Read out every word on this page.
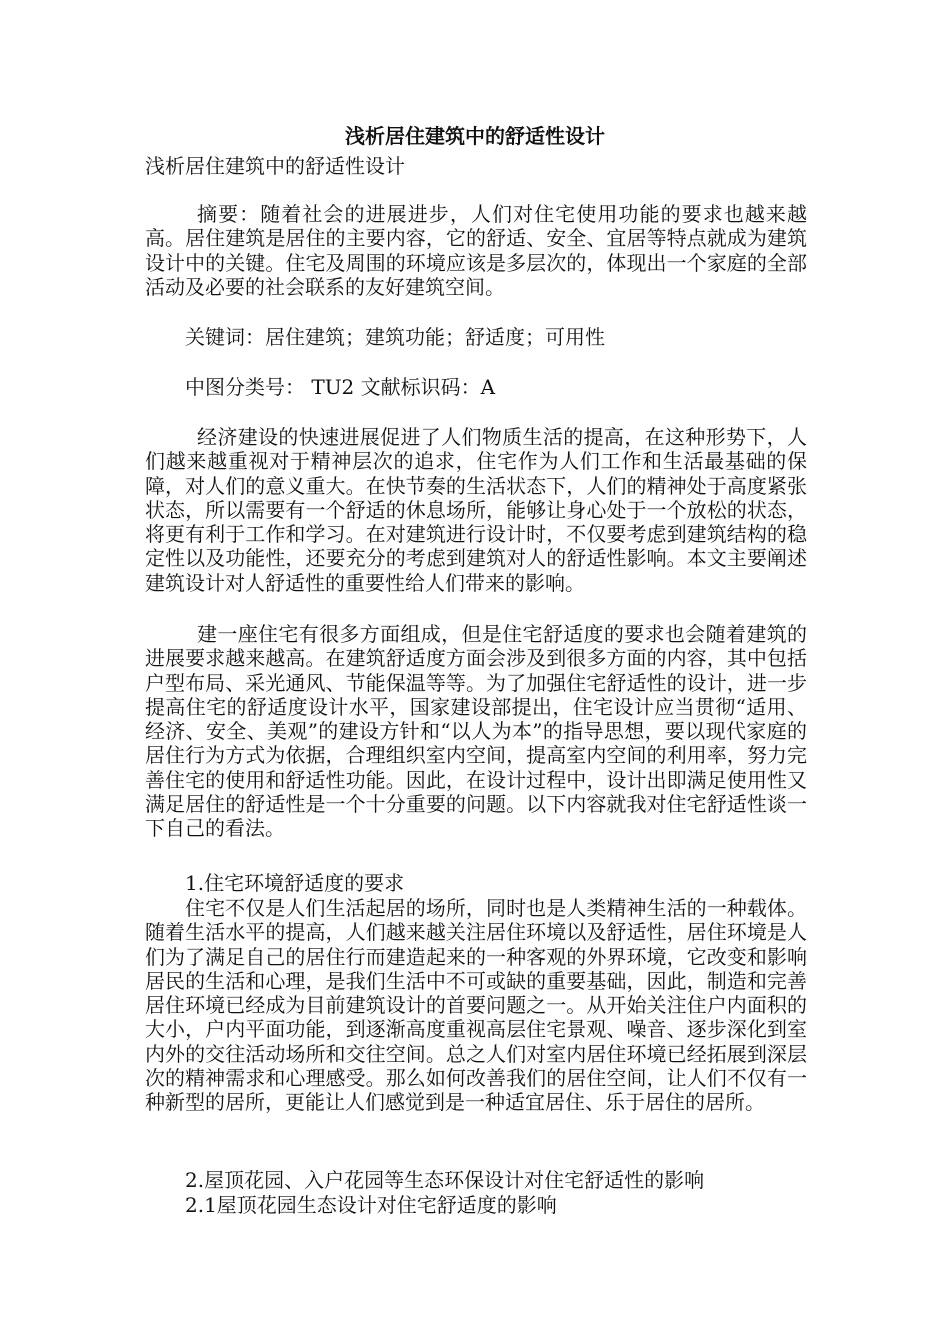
浅析居住建筑中的舒适性设计
浅析居住建筑中的舒适性设计

摘要：随着社会的进展进步，人们对住宅使用功能的要求也越来越高。居住建筑是居住的主要内容，它的舒适、安全、宜居等特点就成为建筑设计中的关键。住宅及周围的环境应该是多层次的，体现出一个家庭的全部活动及必要的社会联系的友好建筑空间。

关键词：居住建筑；建筑功能；舒适度；可用性

中图分类号： TU2 文献标识码：A

经济建设的快速进展促进了人们物质生活的提高，在这种形势下，人们越来越重视对于精神层次的追求，住宅作为人们工作和生活最基础的保障，对人们的意义重大。在快节奏的生活状态下，人们的精神处于高度紧张状态，所以需要有一个舒适的休息场所，能够让身心处于一个放松的状态，将更有利于工作和学习。在对建筑进行设计时，不仅要考虑到建筑结构的稳定性以及功能性，还要充分的考虑到建筑对人的舒适性影响。本文主要阐述建筑设计对人舒适性的重要性给人们带来的影响。

建一座住宅有很多方面组成，但是住宅舒适度的要求也会随着建筑的进展要求越来越高。在建筑舒适度方面会涉及到很多方面的内容，其中包括户型布局、采光通风、节能保温等等。为了加强住宅舒适性的设计，进一步提高住宅的舒适度设计水平，国家建设部提出，住宅设计应当贯彻“适用、经济、安全、美观”的建设方针和“以人为本”的指导思想，要以现代家庭的居住行为方式为依据，合理组织室内空间，提高室内空间的利用率，努力完善住宅的使用和舒适性功能。因此，在设计过程中，设计出即满足使用性又满足居住的舒适性是一个十分重要的问题。以下内容就我对住宅舒适性谈一下自己的看法。

1.住宅环境舒适度的要求

住宅不仅是人们生活起居的场所，同时也是人类精神生活的一种载体。随着生活水平的提高，人们越来越关注居住环境以及舒适性，居住环境是人们为了满足自己的居住行而建造起来的一种客观的外界环境，它改变和影响居民的生活和心理，是我们生活中不可或缺的重要基础，因此，制造和完善居住环境已经成为目前建筑设计的首要问题之一。从开始关注住户内面积的大小，户内平面功能，到逐渐高度重视高层住宅景观、噪音、逐步深化到室内外的交往活动场所和交往空间。总之人们对室内居住环境已经拓展到深层次的精神需求和心理感受。那么如何改善我们的居住空间，让人们不仅有一种新型的居所，更能让人们感觉到是一种适宜居住、乐于居住的居所。

2.屋顶花园、入户花园等生态环保设计对住宅舒适性的影响

2.1屋顶花园生态设计对住宅舒适度的影响
